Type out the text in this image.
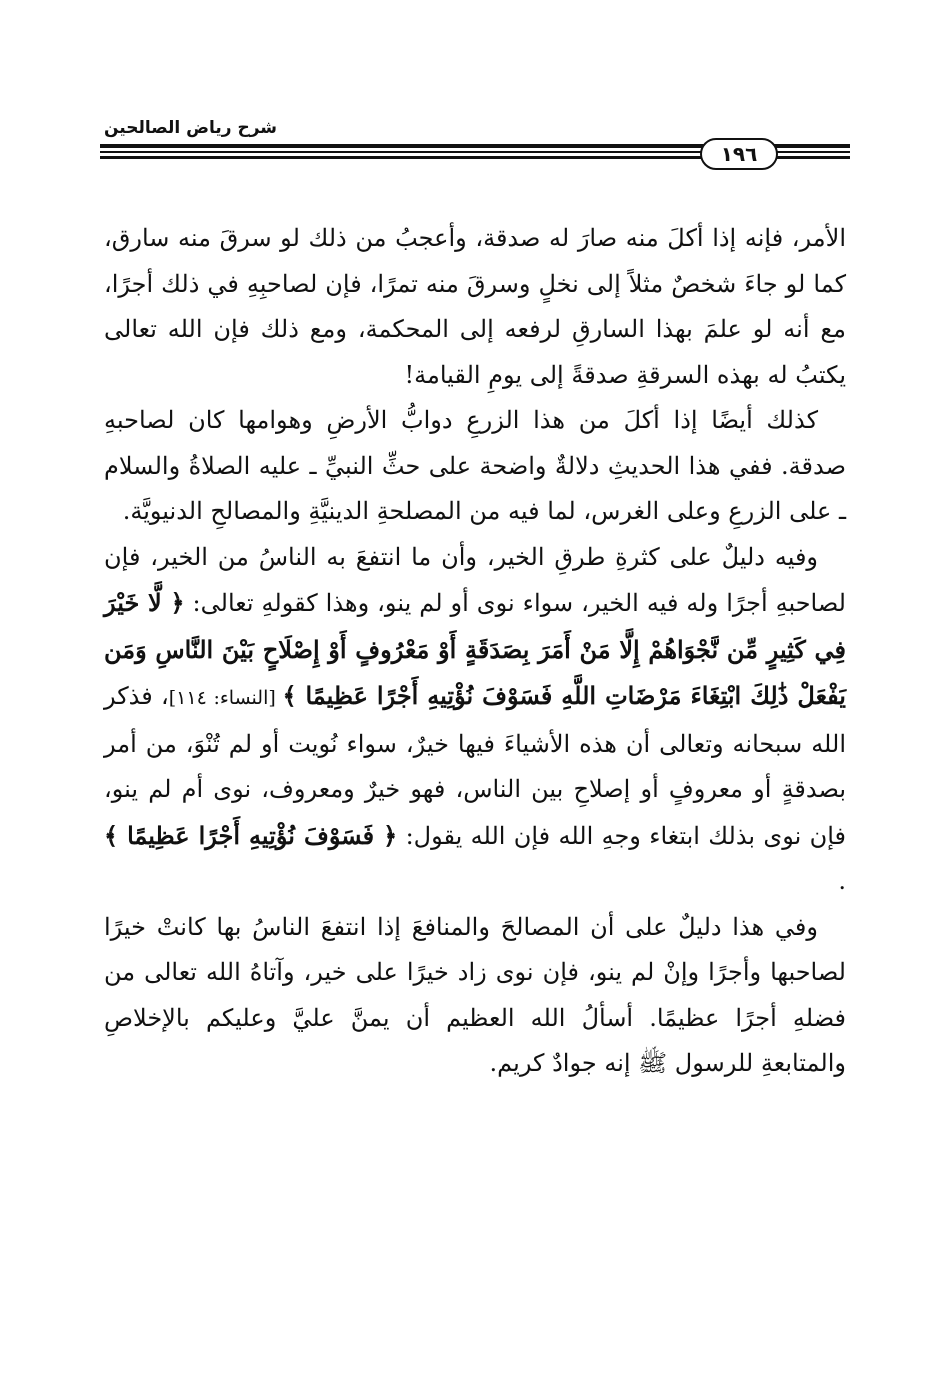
شرح رياض الصالحين
١٩٦

الأمر، فإنه إذا أكلَ منه صارَ له صدقة، وأعجبُ من ذلك لو سرقَ منه سارق، كما لو جاءَ شخصٌ مثلاً إلى نخلٍ وسرقَ منه تمرًا، فإن لصاحبِهِ في ذلك أجرًا، مع أنه لو علمَ بهذا السارقِ لرفعه إلى المحكمة، ومع ذلك فإن الله تعالى يكتبُ له بهذه السرقةِ صدقةً إلى يومِ القيامة!

كذلك أيضًا إذا أكلَ من هذا الزرعِ دوابُّ الأرضِ وهوامها كان لصاحبهِ صدقة. ففي هذا الحديثِ دلالةٌ واضحة على حثِّ النبيِّ ـ عليه الصلاةُ والسلام ـ على الزرعِ وعلى الغرس، لما فيه من المصلحةِ الدينيَّةِ والمصالحِ الدنيويَّة.

وفيه دليلٌ على كثرةِ طرقِ الخير، وأن ما انتفعَ به الناسُ من الخير، فإن لصاحبهِ أجرًا وله فيه الخير، سواء نوى أو لم ينو، وهذا كقولهِ تعالى: ﴿ لَّا خَيْرَ فِي كَثِيرٍ مِّن نَّجْوَاهُمْ إِلَّا مَنْ أَمَرَ بِصَدَقَةٍ أَوْ مَعْرُوفٍ أَوْ إِصْلَاحٍ بَيْنَ النَّاسِ وَمَن يَفْعَلْ ذَٰلِكَ ابْتِغَاءَ مَرْضَاتِ اللَّهِ فَسَوْفَ نُؤْتِيهِ أَجْرًا عَظِيمًا ﴾ [النساء: ١١٤]، فذكر الله سبحانه وتعالى أن هذه الأشياءَ فيها خيرٌ، سواء نُويت أو لم تُنْوَ، من أمر بصدقةٍ أو معروفٍ أو إصلاحِ بين الناس، فهو خيرٌ ومعروف، نوى أم لم ينو، فإن نوى بذلك ابتغاء وجهِ الله فإن الله يقول: ﴿ فَسَوْفَ نُؤْتِيهِ أَجْرًا عَظِيمًا ﴾ .

وفي هذا دليلٌ على أن المصالحَ والمنافعَ إذا انتفعَ الناسُ بها كانتْ خيرًا لصاحبها وأجرًا وإنْ لم ينو، فإن نوى زاد خيرًا على خير، وآتاهُ الله تعالى من فضلهِ أجرًا عظيمًا. أسألُ الله العظيم أن يمنَّ عليَّ وعليكم بالإخلاصِ والمتابعةِ للرسول ﷺ إنه جوادٌ كريم.
